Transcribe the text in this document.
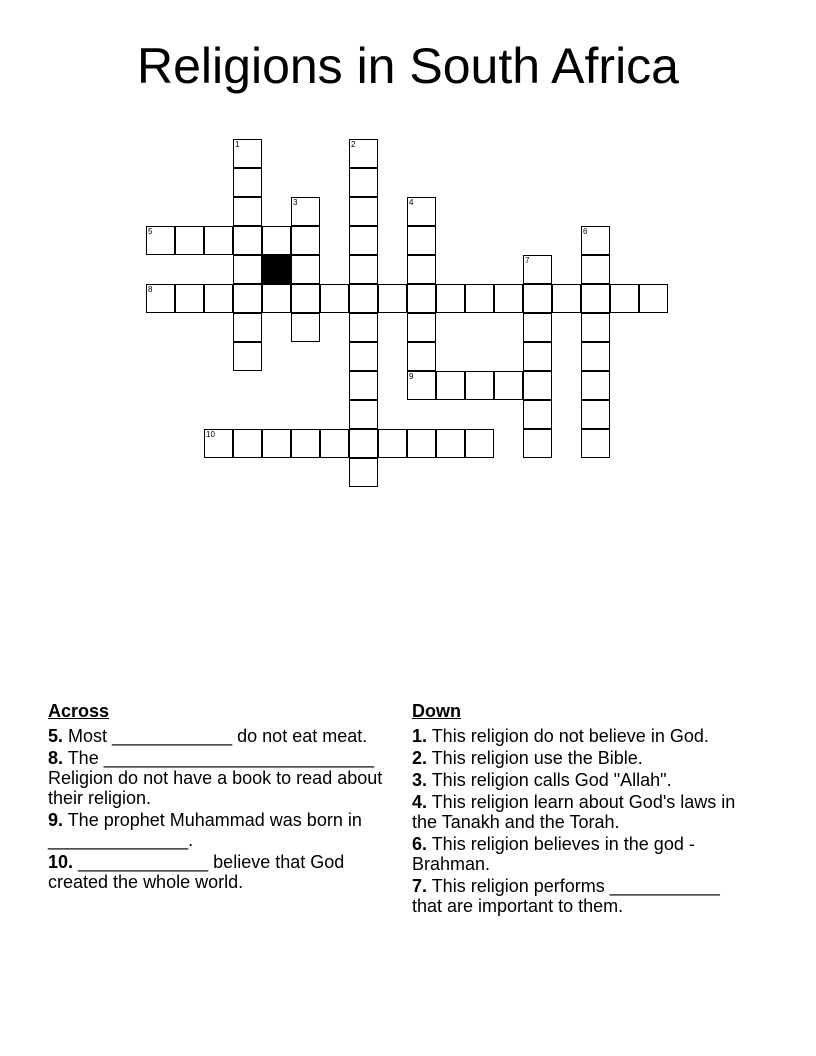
Religions in South Africa
1	2
3	4
5	6
7
8
9
10
Across
5. Most ____________ do not eat meat.
8. The ___________________________ Religion do not have a book to read about their religion.
9. The prophet Muhammad was born in ______________.
10. _____________ believe that God created the whole world.
Down
1. This religion do not believe in God.
2. This religion use the Bible.
3. This religion calls God "Allah".
4. This religion learn about God's laws in the Tanakh and the Torah.
6. This religion believes in the god - Brahman.
7. This religion performs ___________ that are important to them.
